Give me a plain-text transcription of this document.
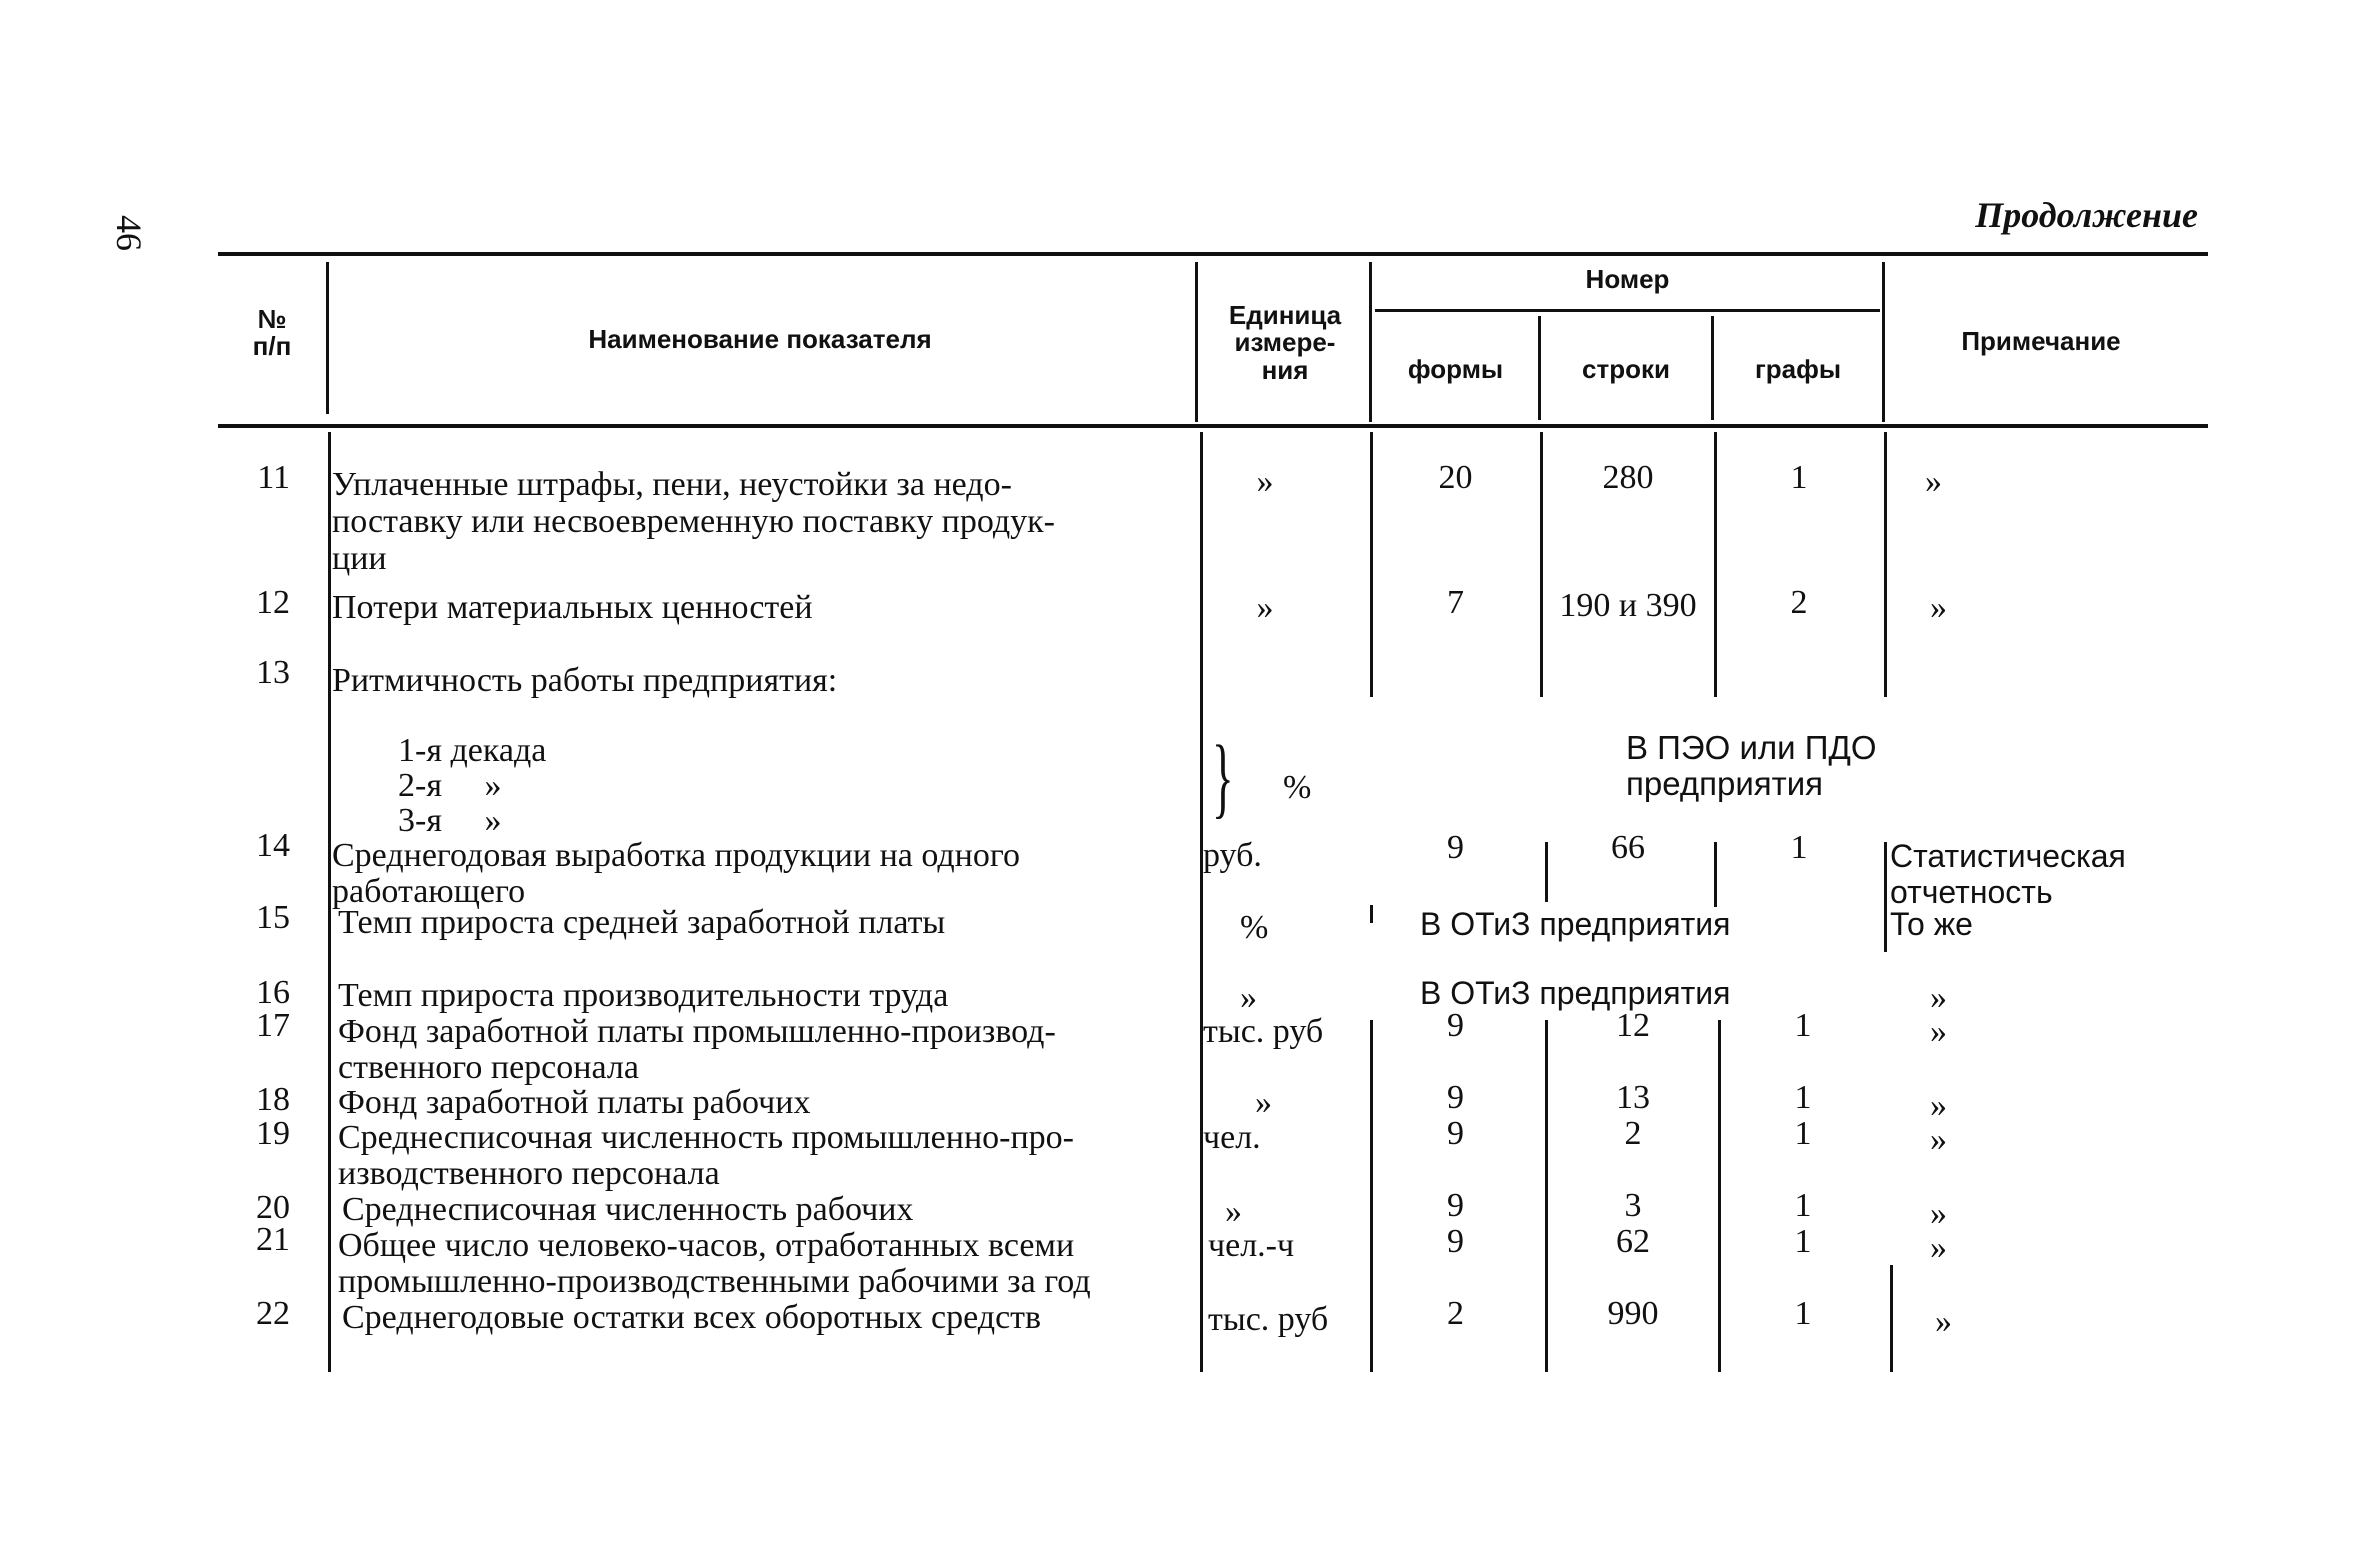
46	Продолжение
№
п/п	Наименование показателя
Единица
измере-
ния
Номер
формы	строки	графы
Примечание
11 Уплаченные штрафы, пени, неустойки за недо-
поставку или несвоевременную поставку продук-
ции
»	20	280	1	»
12 Потери материальных ценностей	»	7	190 и 390	2	»
13 Ритмичность работы предприятия:
1-я декада
2-я     »
3-я     »	} %
В ПЭО или ПДО
предприятия
14 Среднегодовая выработка продукции на одного
работающего
руб.	9	66	1	Статистическая
отчетность
15 Темп прироста средней заработной платы	%	В ОТиЗ предприятия	То же
16 Темп прироста производительности труда	»	В ОТиЗ предприятия	»
17 Фонд заработной платы промышленно-производ-
ственного персонала
тыс. руб	9	12	1	»
18 Фонд заработной платы рабочих	»	9	13	1	»
19 Среднесписочная численность промышленно-про-
изводственного персонала
чел.	9	2	1	»
20 Среднесписочная численность рабочих	»	9	3	1	»
21 Общее число человеко-часов, отработанных всеми
промышленно-производственными рабочими за год
чел.-ч	9	62	1	»
22 Среднегодовые остатки всех оборотных средств	тыс. руб	2	990	1	»
